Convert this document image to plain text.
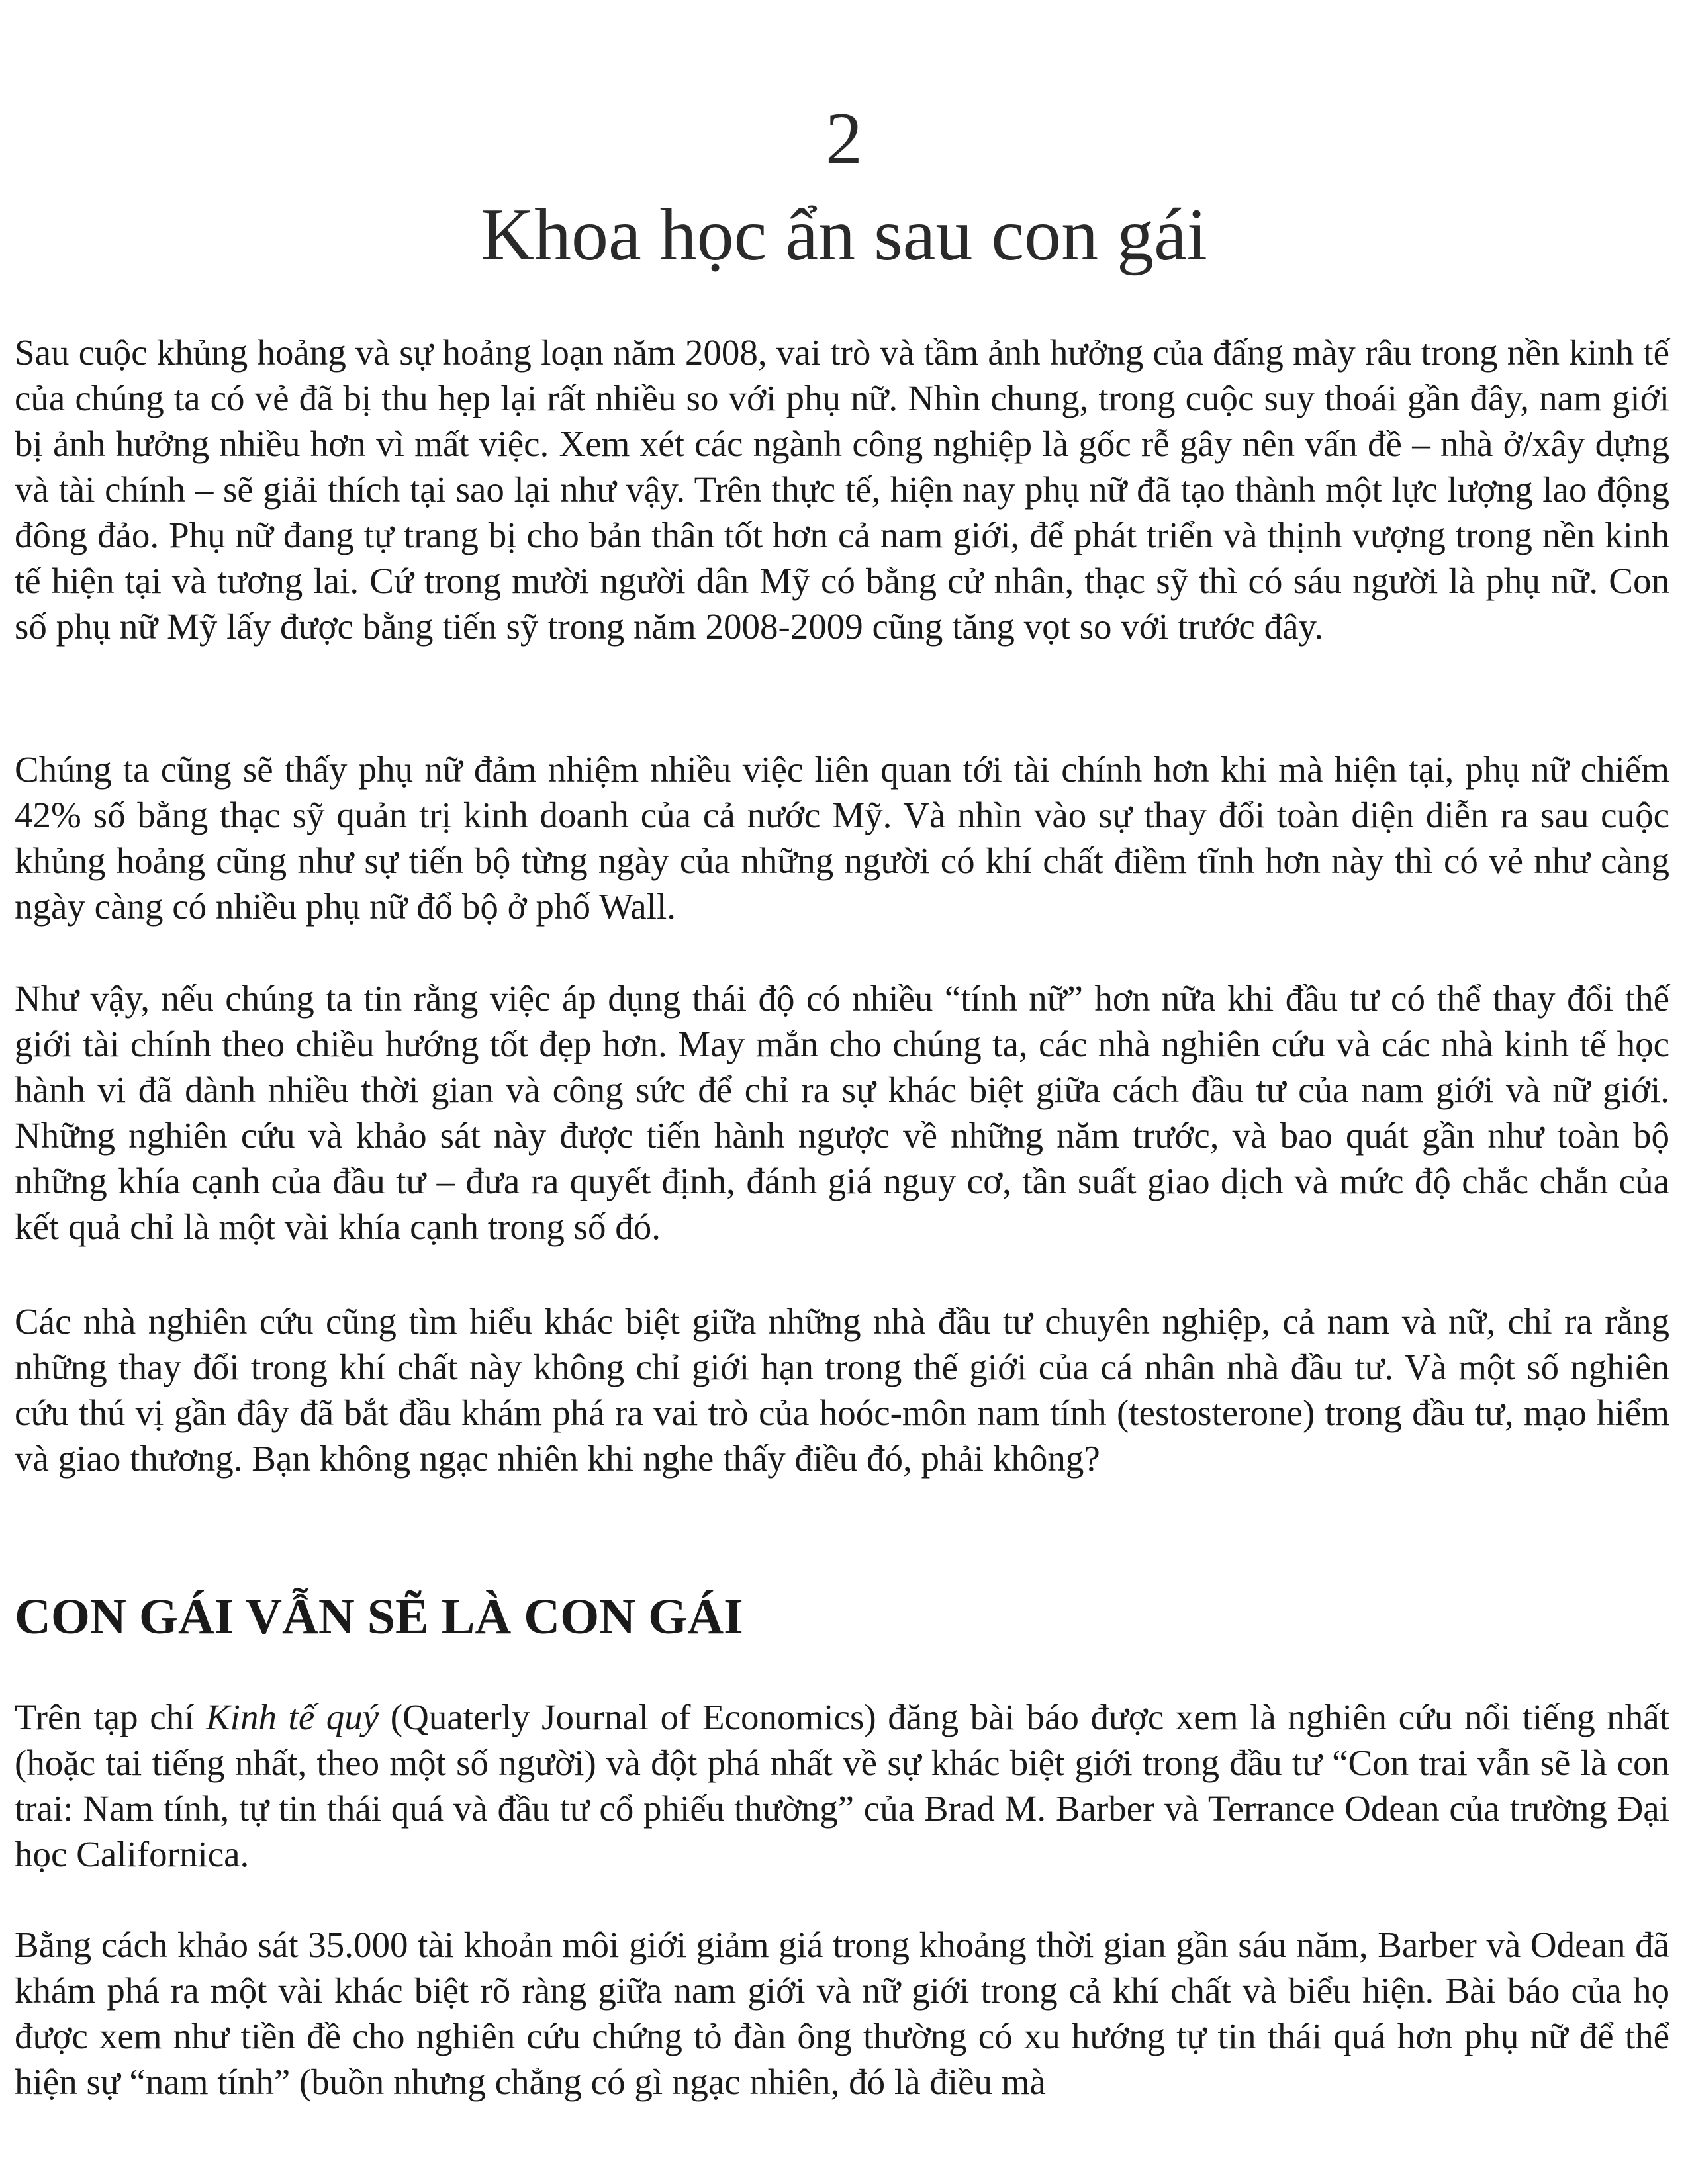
2
Khoa học ẩn sau con gái

Sau cuộc khủng hoảng và sự hoảng loạn năm 2008, vai trò và tầm ảnh hưởng của đấng mày râu trong nền kinh tế của chúng ta có vẻ đã bị thu hẹp lại rất nhiều so với phụ nữ. Nhìn chung, trong cuộc suy thoái gần đây, nam giới bị ảnh hưởng nhiều hơn vì mất việc. Xem xét các ngành công nghiệp là gốc rễ gây nên vấn đề – nhà ở/xây dựng và tài chính – sẽ giải thích tại sao lại như vậy. Trên thực tế, hiện nay phụ nữ đã tạo thành một lực lượng lao động đông đảo. Phụ nữ đang tự trang bị cho bản thân tốt hơn cả nam giới, để phát triển và thịnh vượng trong nền kinh tế hiện tại và tương lai. Cứ trong mười người dân Mỹ có bằng cử nhân, thạc sỹ thì có sáu người là phụ nữ. Con số phụ nữ Mỹ lấy được bằng tiến sỹ trong năm 2008-2009 cũng tăng vọt so với trước đây.

Chúng ta cũng sẽ thấy phụ nữ đảm nhiệm nhiều việc liên quan tới tài chính hơn khi mà hiện tại, phụ nữ chiếm 42% số bằng thạc sỹ quản trị kinh doanh của cả nước Mỹ. Và nhìn vào sự thay đổi toàn diện diễn ra sau cuộc khủng hoảng cũng như sự tiến bộ từng ngày của những người có khí chất điềm tĩnh hơn này thì có vẻ như càng ngày càng có nhiều phụ nữ đổ bộ ở phố Wall.

Như vậy, nếu chúng ta tin rằng việc áp dụng thái độ có nhiều “tính nữ” hơn nữa khi đầu tư có thể thay đổi thế giới tài chính theo chiều hướng tốt đẹp hơn. May mắn cho chúng ta, các nhà nghiên cứu và các nhà kinh tế học hành vi đã dành nhiều thời gian và công sức để chỉ ra sự khác biệt giữa cách đầu tư của nam giới và nữ giới. Những nghiên cứu và khảo sát này được tiến hành ngược về những năm trước, và bao quát gần như toàn bộ những khía cạnh của đầu tư – đưa ra quyết định, đánh giá nguy cơ, tần suất giao dịch và mức độ chắc chắn của kết quả chỉ là một vài khía cạnh trong số đó.

Các nhà nghiên cứu cũng tìm hiểu khác biệt giữa những nhà đầu tư chuyên nghiệp, cả nam và nữ, chỉ ra rằng những thay đổi trong khí chất này không chỉ giới hạn trong thế giới của cá nhân nhà đầu tư. Và một số nghiên cứu thú vị gần đây đã bắt đầu khám phá ra vai trò của hoóc-môn nam tính (testosterone) trong đầu tư, mạo hiểm và giao thương. Bạn không ngạc nhiên khi nghe thấy điều đó, phải không?

CON GÁI VẪN SẼ LÀ CON GÁI

Trên tạp chí Kinh tế quý (Quaterly Journal of Economics) đăng bài báo được xem là nghiên cứu nổi tiếng nhất (hoặc tai tiếng nhất, theo một số người) và đột phá nhất về sự khác biệt giới trong đầu tư “Con trai vẫn sẽ là con trai: Nam tính, tự tin thái quá và đầu tư cổ phiếu thường” của Brad M. Barber và Terrance Odean của trường Đại học Californica.

Bằng cách khảo sát 35.000 tài khoản môi giới giảm giá trong khoảng thời gian gần sáu năm, Barber và Odean đã khám phá ra một vài khác biệt rõ ràng giữa nam giới và nữ giới trong cả khí chất và biểu hiện. Bài báo của họ được xem như tiền đề cho nghiên cứu chứng tỏ đàn ông thường có xu hướng tự tin thái quá hơn phụ nữ để thể hiện sự “nam tính” (buồn nhưng chẳng có gì ngạc nhiên, đó là điều mà
